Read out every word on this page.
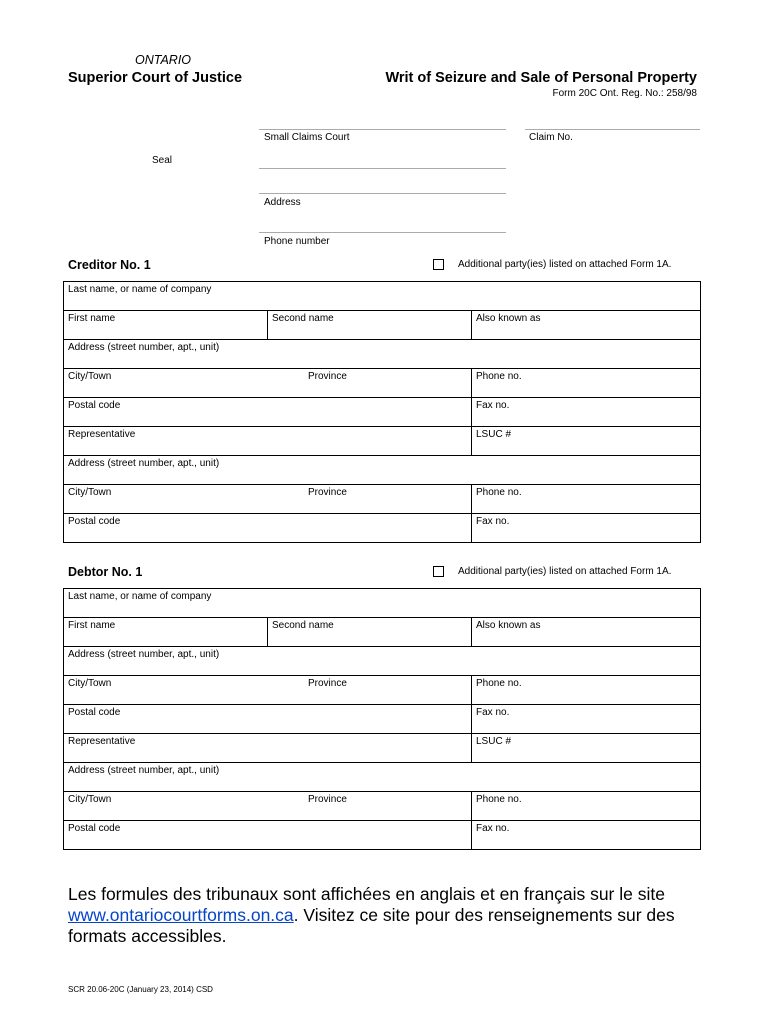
ONTARIO
Superior Court of Justice	Writ of Seizure and Sale of Personal Property
Form 20C Ont. Reg. No.: 258/98
Small Claims Court	Claim No.
Seal
Address
Phone number
Creditor No. 1	Additional party(ies) listed on attached Form 1A.
Last name, or name of company		
First name	Second name	Also known as
Address (street number, apt., unit)		
City/Town Province		Phone no.
Postal code		Fax no.
Representative		LSUC #
Address (street number, apt., unit)		
City/Town Province		Phone no.
Postal code		Fax no.
Debtor No. 1	Additional party(ies) listed on attached Form 1A.
Last name, or name of company		
First name	Second name	Also known as
Address (street number, apt., unit)		
City/Town Province		Phone no.
Postal code		Fax no.
Representative		LSUC #
Address (street number, apt., unit)		
City/Town Province		Phone no.
Postal code		Fax no.
Les formules des tribunaux sont affichées en anglais et en français sur le site www.ontariocourtforms.on.ca. Visitez ce site pour des renseignements sur des formats accessibles.
SCR 20.06-20C (January 23, 2014) CSD
